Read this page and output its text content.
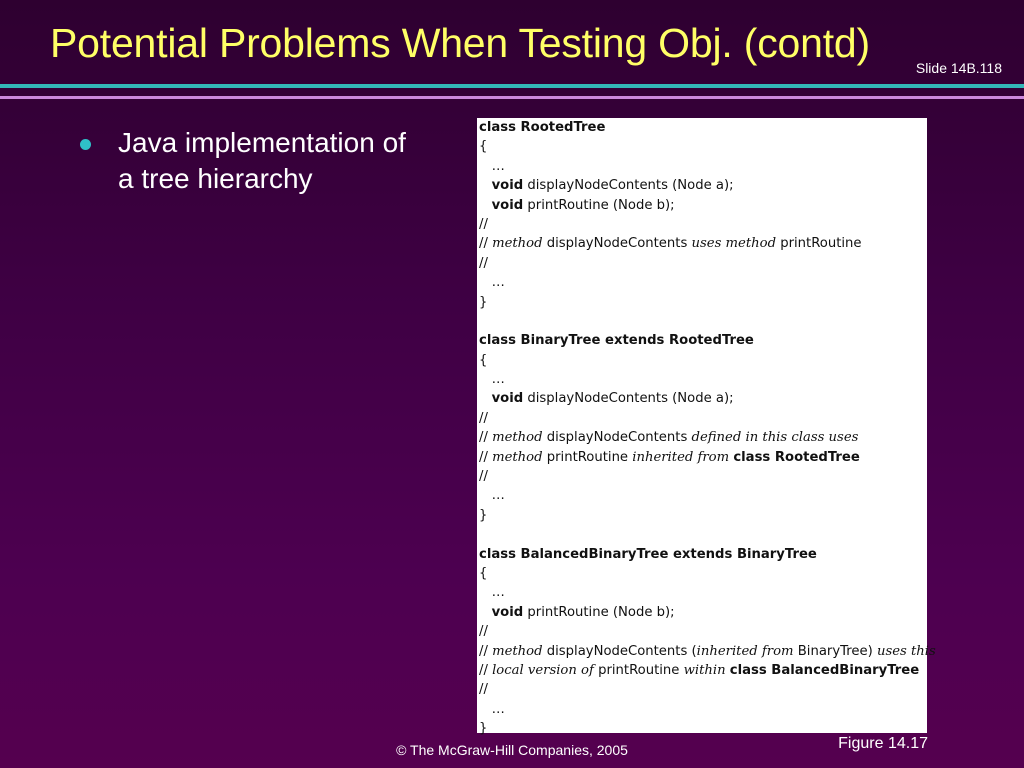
Potential Problems When Testing Obj. (contd)
Slide 14B.118
Java implementation of a tree hierarchy
class RootedTree
{
…
void displayNodeContents (Node a);
void printRoutine (Node b);
//
// method displayNodeContents uses method printRoutine
//
…
}

class BinaryTree extends RootedTree
{
…
void displayNodeContents (Node a);
//
// method displayNodeContents defined in this class uses
// method printRoutine inherited from class RootedTree
//
…
}

class BalancedBinaryTree extends BinaryTree
{
…
void printRoutine (Node b);
//
// method displayNodeContents (inherited from BinaryTree) uses this
// local version of printRoutine within class BalancedBinaryTree
//
…
}
Figure 14.17
© The McGraw-Hill Companies, 2005
